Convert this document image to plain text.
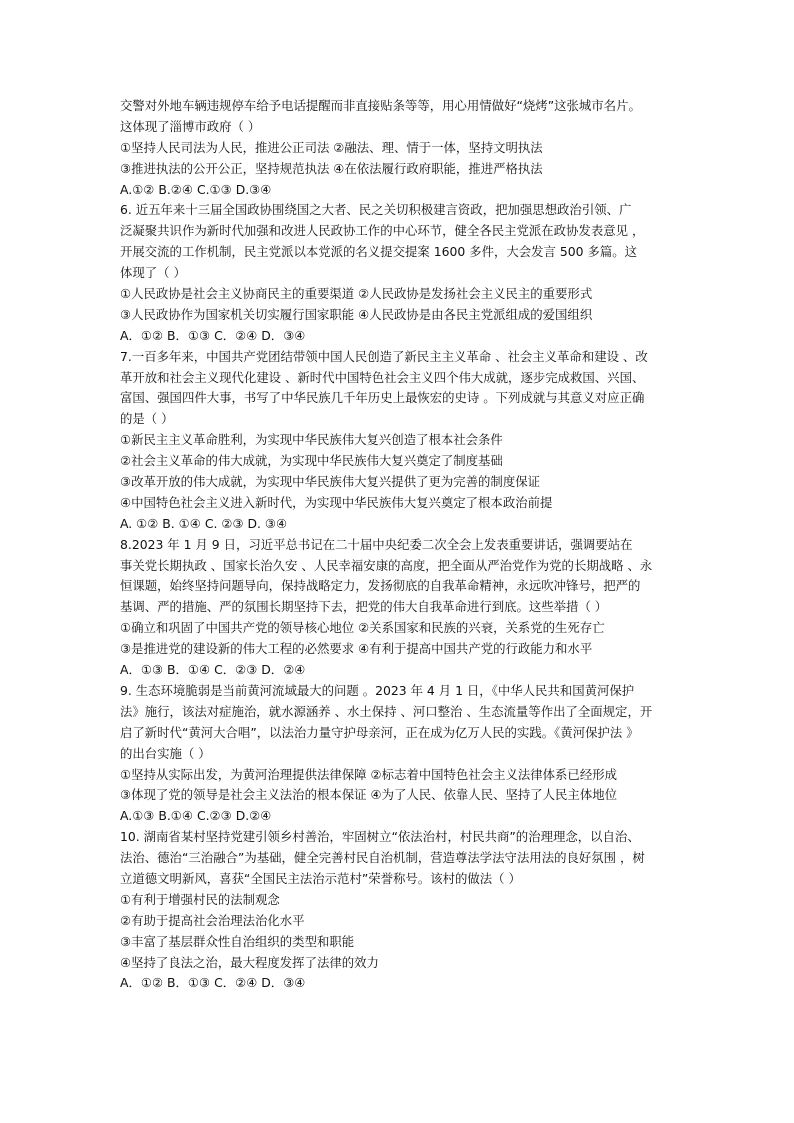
交警对外地车辆违规停车给予电话提醒而非直接贴条等等，用心用情做好“烧烤”这张城市名片。
这体现了淄博市政府（ ）
①坚持人民司法为人民，推进公正司法 ②融法、理、情于一体，坚持文明执法
③推进执法的公开公正，坚持规范执法 ④在依法履行政府职能，推进严格执法
A.①② B.②④ C.①③ D.③④
6. 近五年来十三届全国政协围绕国之大者、民之关切积极建言资政，把加强思想政治引领、广
泛凝聚共识作为新时代加强和改进人民政协工作的中心环节，健全各民主党派在政协发表意见 ，
开展交流的工作机制，民主党派以本党派的名义提交提案 1600 多件，大会发言 500 多篇。这
体现了（ ）
①人民政协是社会主义协商民主的重要渠道 ②人民政协是发扬社会主义民主的重要形式
③人民政协作为国家机关切实履行国家职能 ④人民政协是由各民主党派组成的爱国组织
A．①② B．①③ C．②④ D．③④
7.一百多年来，中国共产党团结带领中国人民创造了新民主主义革命 、社会主义革命和建设 、改
革开放和社会主义现代化建设 、新时代中国特色社会主义四个伟大成就，逐步完成救国、兴国、
富国、强国四件大事，书写了中华民族几千年历史上最恢宏的史诗 。下列成就与其意义对应正确
的是（ ）
①新民主主义革命胜利，为实现中华民族伟大复兴创造了根本社会条件
②社会主义革命的伟大成就，为实现中华民族伟大复兴奠定了制度基础
③改革开放的伟大成就，为实现中华民族伟大复兴提供了更为完善的制度保证
④中国特色社会主义进入新时代，为实现中华民族伟大复兴奠定了根本政治前提
A. ①② B. ①④ C. ②③ D. ③④
8.2023 年 1 月 9 日，习近平总书记在二十届中央纪委二次全会上发表重要讲话，强调要站在
事关党长期执政 、国家长治久安 、人民幸福安康的高度，把全面从严治党作为党的长期战略 、永
恒课题，始终坚持问题导向，保持战略定力，发扬彻底的自我革命精神，永远吹冲锋号，把严的
基调、严的措施、严的氛围长期坚持下去，把党的伟大自我革命进行到底。这些举措（ ）
①确立和巩固了中国共产党的领导核心地位 ②关系国家和民族的兴衰，关系党的生死存亡
③是推进党的建设新的伟大工程的必然要求 ④有利于提高中国共产党的行政能力和水平
A．①③ B．①④ C．②③ D．②④
9. 生态环境脆弱是当前黄河流域最大的问题 。2023 年 4 月 1 日，《中华人民共和国黄河保护
法》施行，该法对症施治，就水源涵养 、水土保持 、河口整治 、生态流量等作出了全面规定，开
启了新时代“黄河大合唱”，以法治力量守护母亲河，正在成为亿万人民的实践。《黄河保护法 》
的出台实施（ ）
①坚持从实际出发，为黄河治理提供法律保障 ②标志着中国特色社会主义法律体系已经形成
③体现了党的领导是社会主义法治的根本保证 ④为了人民、依靠人民、坚持了人民主体地位
A.①③ B.①④ C.②③ D.②④
10. 湖南省某村坚持党建引领乡村善治，牢固树立“依法治村，村民共商”的治理理念，以自治、
法治、德治“三治融合”为基础，健全完善村民自治机制，营造尊法学法守法用法的良好氛围 ，树
立道德文明新风，喜获“全国民主法治示范村”荣誉称号。该村的做法（ ）
①有利于增强村民的法制观念
②有助于提高社会治理法治化水平
③丰富了基层群众性自治组织的类型和职能
④坚持了良法之治，最大程度发挥了法律的效力
A．①② B．①③ C．②④ D．③④
